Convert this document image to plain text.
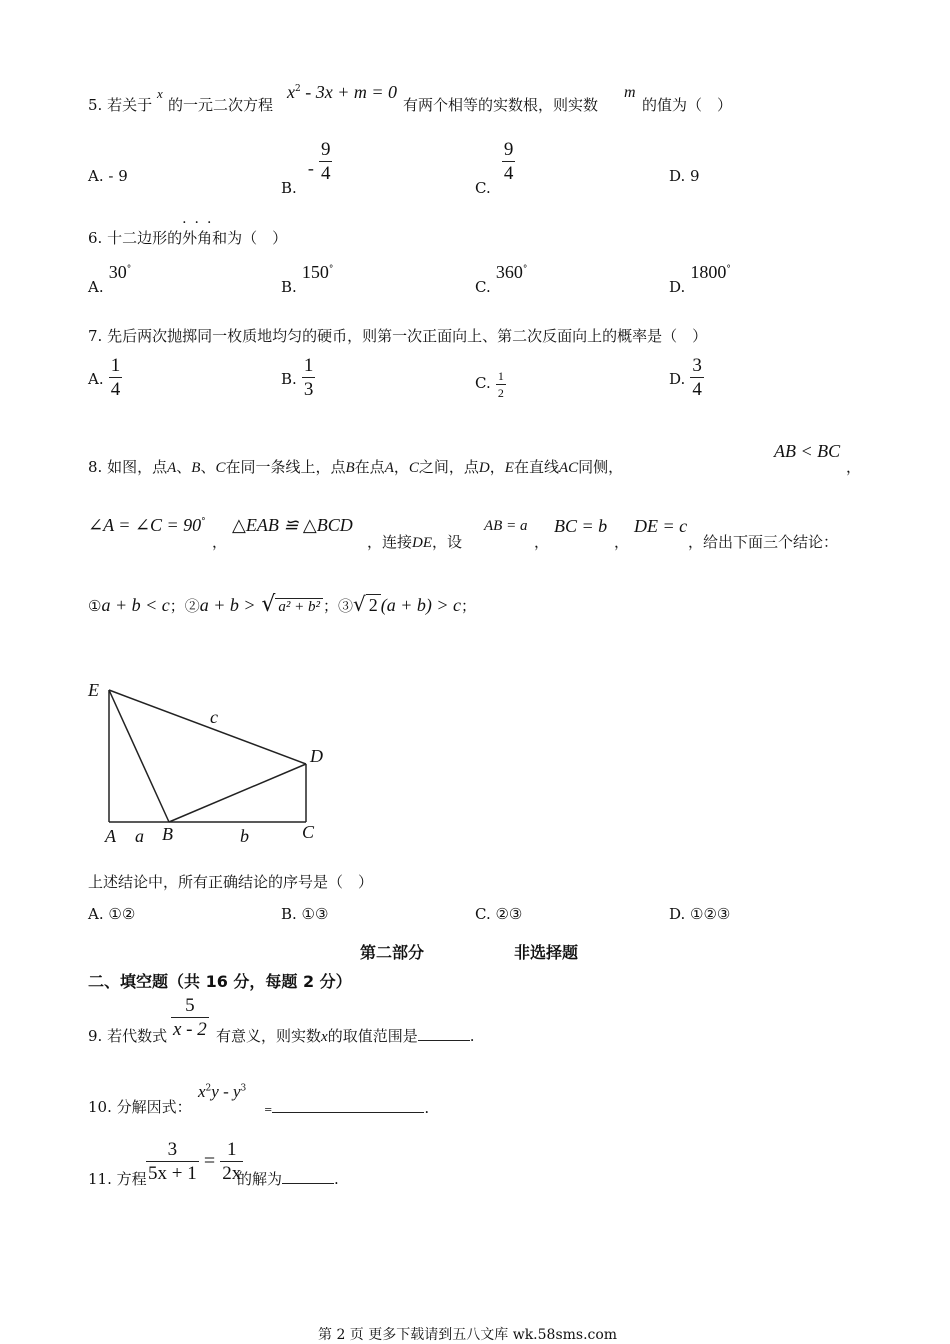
5. 若关于
x
的一元二次方程
$x^2 - 3x + m = 0$
有两个相等的实数根，则实数
m
的值为（　）
A. - 9
B. - $\frac{9}{4}$
C.
$\frac{9}{4}$	D. 9
6. 十二边形的外角和
···
为（　）
A. 30°
B. 150°
C. 360°
D. 1800°
7. 先后两次抛掷同一枚质地均匀的硬币，则第一次正面向上、第二次反面向上的概率是（　）
A. $\frac{1}{4}$	B. $\frac{1}{3}$	C. $\frac{1}{2}$	D. $\frac{3}{4}$
8. 如图，点A、B、C在同一条线上，点B在点A，C之间，点D，E在直线AC同侧，
AB < BC
，
∠A = ∠C = 90°
，
△EAB ≌ △BCD
，连接DE，设
AB = a
，
BC = b
，
DE = c
，给出下面三个结论：
①a + b < c；②a + b > √ a² + b² ；③√ 2 (a + b) > c；
E
A	B	C
D
a	b
c
上述结论中，所有正确结论的序号是（　）
A. ①②	B. ①③	C. ②③	D. ①②③
第二部分	非选择题
二、填空题（共 16 分，每题 2 分）
9. 若代数式 $\frac{5}{x - 2}$ 有意义，则实数x的取值范围是	.
10. 分解因式：
$x^2y - y^3$
=	.
11. 方程 $\frac{3}{5x + 1} = \frac{1}{2x}$
的解为	.
第 2 页 更多下载请到五八文库 wk.58sms.com
